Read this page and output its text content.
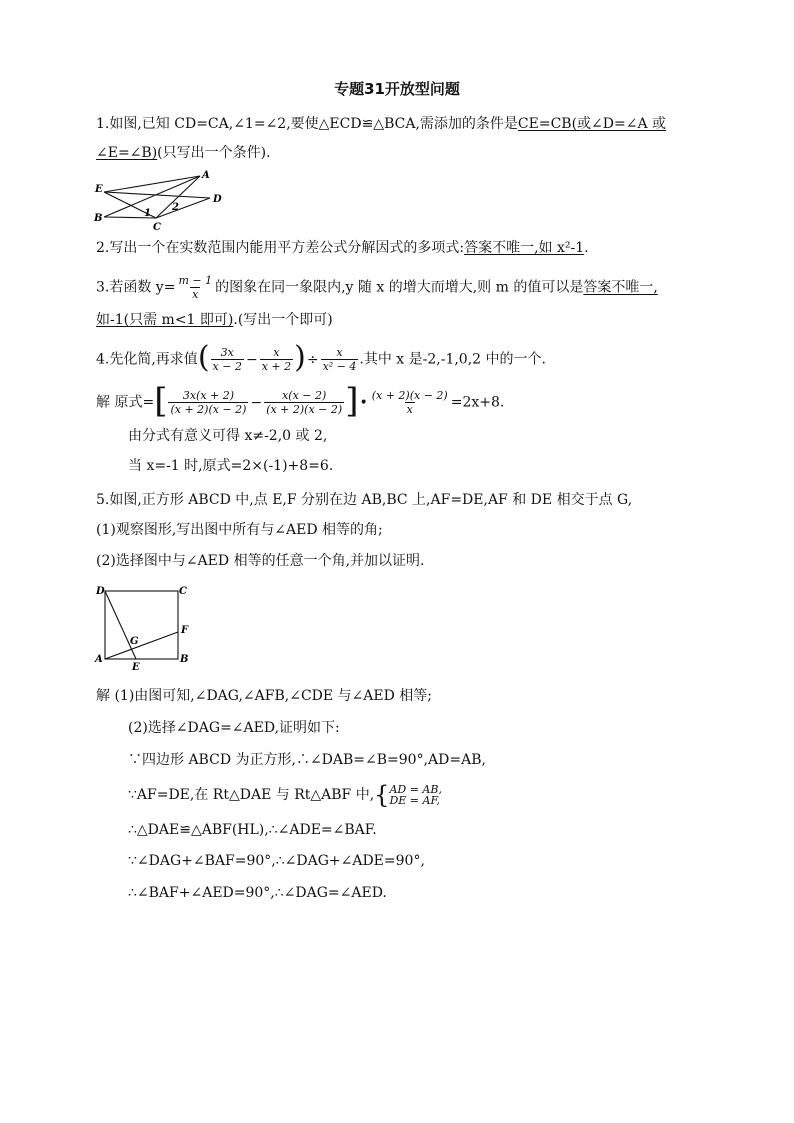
专题31开放型问题
1.如图,已知 CD=CA,∠1=∠2,要使△ECD≌△BCA,需添加的条件是CE=CB(或∠D=∠A 或
∠E=∠B)(只写出一个条件).
E
A
D
B	1
2
C
2.写出一个在实数范围内能用平方差公式分解因式的多项式:答案不唯一,如 x²-1.
3.若函数 $y= \frac{m - 1}{x}$ 的图象在同一象限内,y 随 x 的增大而增大,则 m 的值可以是答案不唯一,
如-1(只需 m<1 即可).(写出一个即可)
4.先化简,再求值( $\frac{3x}{x - 2} - \frac{x}{x + 2}$ )÷ $\frac{x}{\text{x² − 4}}$ .其中 x 是-2,-1,0,2 中的一个.
解 原式=[ $\frac{3x(x + 2)}{(x + 2)(x - 2)} - \frac{x(x - 2)}{(x + 2)(x - 2)}$ ]• $\frac{(x + 2)(x - 2)}{x} =2x+8$.
由分式有意义可得 x≠-2,0 或 2,
当 x=-1 时,原式=2×(-1)+8=6.
5.如图,正方形 ABCD 中,点 E,F 分别在边 AB,BC 上,AF=DE,AF 和 DE 相交于点 G,
(1)观察图形,写出图中所有与∠AED 相等的角;
(2)选择图中与∠AED 相等的任意一个角,并加以证明.
D	C
F
G
A
E
B
解 (1)由图可知,∠DAG,∠AFB,∠CDE 与∠AED 相等;
(2)选择∠DAG=∠AED,证明如下:
∵四边形 ABCD 为正方形,∴∠DAB=∠B=90°,AD=AB,
∵AF=DE,在 Rt△DAE 与 Rt△ABF 中, { AD = AB,
DE = AF,
∴△DAE≌△ABF(HL),∴∠ADE=∠BAF.
∵∠DAG+∠BAF=90°,∴∠DAG+∠ADE=90°,
∴∠BAF+∠AED=90°,∴∠DAG=∠AED.
